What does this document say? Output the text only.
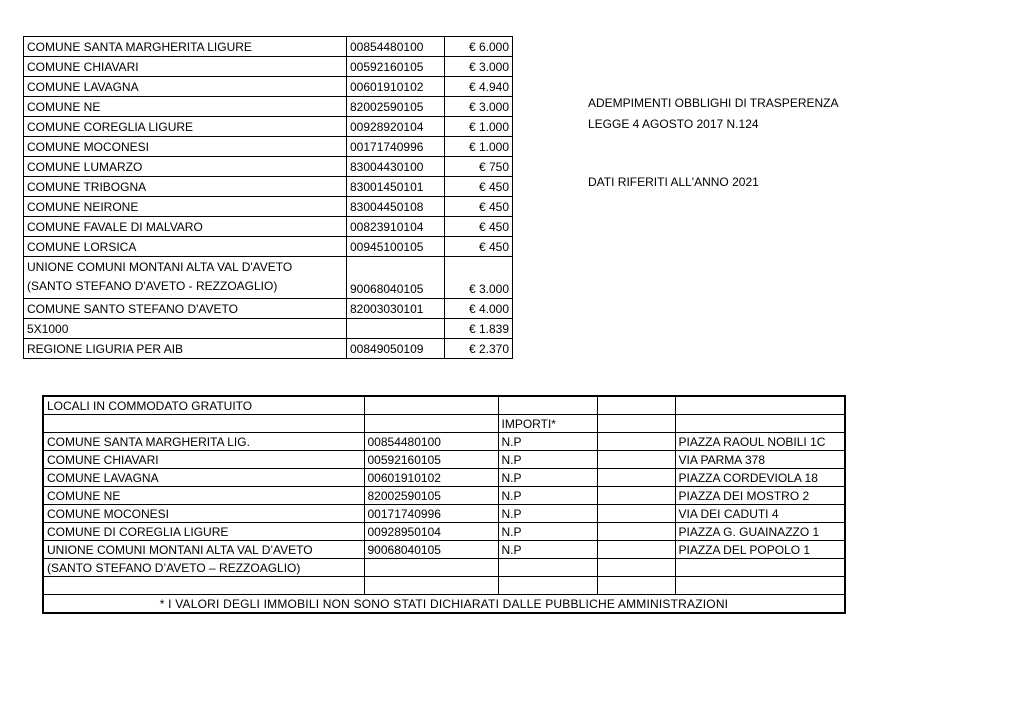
COMUNE SANTA MARGHERITA LIGURE	00854480100	€ 6.000
COMUNE CHIAVARI	00592160105	€ 3.000
COMUNE LAVAGNA	00601910102	€ 4.940
COMUNE NE	82002590105	€ 3.000
COMUNE COREGLIA LIGURE	00928920104	€ 1.000
COMUNE MOCONESI	00171740996	€ 1.000
COMUNE LUMARZO	83004430100	€ 750
COMUNE TRIBOGNA	83001450101	€ 450
COMUNE NEIRONE	83004450108	€ 450
COMUNE FAVALE DI MALVARO	00823910104	€ 450
COMUNE LORSICA	00945100105	€ 450

UNIONE COMUNI MONTANI ALTA VAL D'AVETO
(SANTO STEFANO D'AVETO - REZZOAGLIO)	90068040105	€ 3.000
COMUNE SANTO STEFANO D'AVETO	82003030101	€ 4.000
5X1000		€ 1.839
REGIONE LIGURIA PER AIB	00849050109	€ 2.370
ADEMPIMENTI OBBLIGHI DI TRASPERENZA
LEGGE 4 AGOSTO 2017 N.124
DATI RIFERITI ALL'ANNO 2021
LOCALI IN COMMODATO GRATUITO				
		IMPORTI*		
COMUNE SANTA MARGHERITA LIG.	00854480100	N.P		PIAZZA RAOUL NOBILI 1C
COMUNE CHIAVARI	00592160105	N.P		VIA PARMA 378
COMUNE LAVAGNA	00601910102	N.P		PIAZZA CORDEVIOLA 18
COMUNE NE	82002590105	N.P		PIAZZA DEI MOSTRO 2
COMUNE MOCONESI	00171740996	N.P		VIA DEI CADUTI 4
COMUNE DI COREGLIA LIGURE	00928950104	N.P		PIAZZA G. GUAINAZZO 1
UNIONE COMUNI MONTANI ALTA VAL D’AVETO	90068040105	N.P		PIAZZA DEL POPOLO 1
(SANTO STEFANO D’AVETO – REZZOAGLIO)				

* I VALORI DEGLI IMMOBILI NON SONO STATI DICHIARATI DALLE PUBBLICHE AMMINISTRAZIONI				
